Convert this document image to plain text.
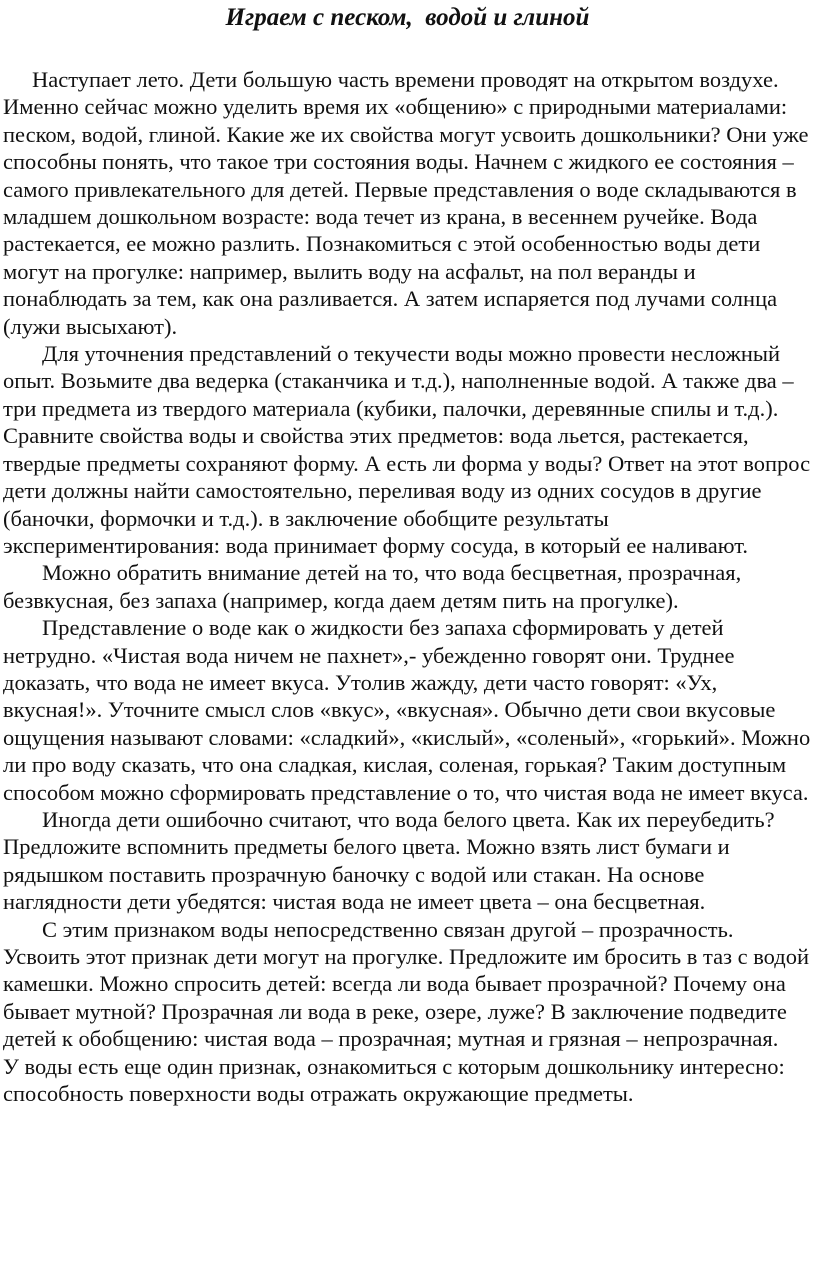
Играем с песком,  водой и глиной

Наступает лето. Дети большую часть времени проводят на открытом воздухе. Именно сейчас можно уделить время их «общению» с природными материалами: песком, водой, глиной. Какие же их свойства могут усвоить дошкольники? Они уже способны понять, что такое три состояния воды. Начнем с жидкого ее состояния – самого привлекательного для детей. Первые представления о воде складываются в младшем дошкольном возрасте: вода течет из крана, в весеннем ручейке. Вода растекается, ее можно разлить. Познакомиться с этой особенностью воды дети могут на прогулке: например, вылить воду на асфальт, на пол веранды и понаблюдать за тем, как она разливается. А затем испаряется под лучами солнца (лужи высыхают).

Для уточнения представлений о текучести воды можно провести несложный опыт. Возьмите два ведерка (стаканчика и т.д.), наполненные водой. А также два – три предмета из твердого материала (кубики, палочки, деревянные спилы и т.д.). Сравните свойства воды и свойства этих предметов: вода льется, растекается, твердые предметы сохраняют форму. А есть ли форма у воды? Ответ на этот вопрос дети должны найти самостоятельно, переливая воду из одних сосудов в другие (баночки, формочки и т.д.). в заключение обобщите результаты экспериментирования: вода принимает форму сосуда, в который ее наливают.

Можно обратить внимание детей на то, что вода бесцветная, прозрачная, безвкусная, без запаха (например, когда даем детям пить на прогулке).

Представление о воде как о жидкости без запаха сформировать у детей нетрудно. «Чистая вода ничем не пахнет»,- убежденно говорят они. Труднее доказать, что вода не имеет вкуса. Утолив жажду, дети часто говорят: «Ух, вкусная!». Уточните смысл слов «вкус», «вкусная». Обычно дети свои вкусовые ощущения называют словами: «сладкий», «кислый», «соленый», «горький». Можно ли про воду сказать, что она сладкая, кислая, соленая, горькая? Таким доступным способом можно сформировать представление о то, что чистая вода не имеет вкуса.

Иногда дети ошибочно считают, что вода белого цвета. Как их переубедить? Предложите вспомнить предметы белого цвета. Можно взять лист бумаги и рядышком поставить прозрачную баночку с водой или стакан. На основе наглядности дети убедятся: чистая вода не имеет цвета – она бесцветная.

С этим признаком воды непосредственно связан другой – прозрачность. Усвоить этот признак дети могут на прогулке. Предложите им бросить в таз с водой камешки. Можно спросить детей: всегда ли вода бывает прозрачной? Почему она бывает мутной? Прозрачная ли вода в реке, озере, луже? В заключение подведите детей к обобщению: чистая вода – прозрачная; мутная и грязная – непрозрачная.

У воды есть еще один признак, ознакомиться с которым дошкольнику интересно: способность поверхности воды отражать окружающие предметы.
